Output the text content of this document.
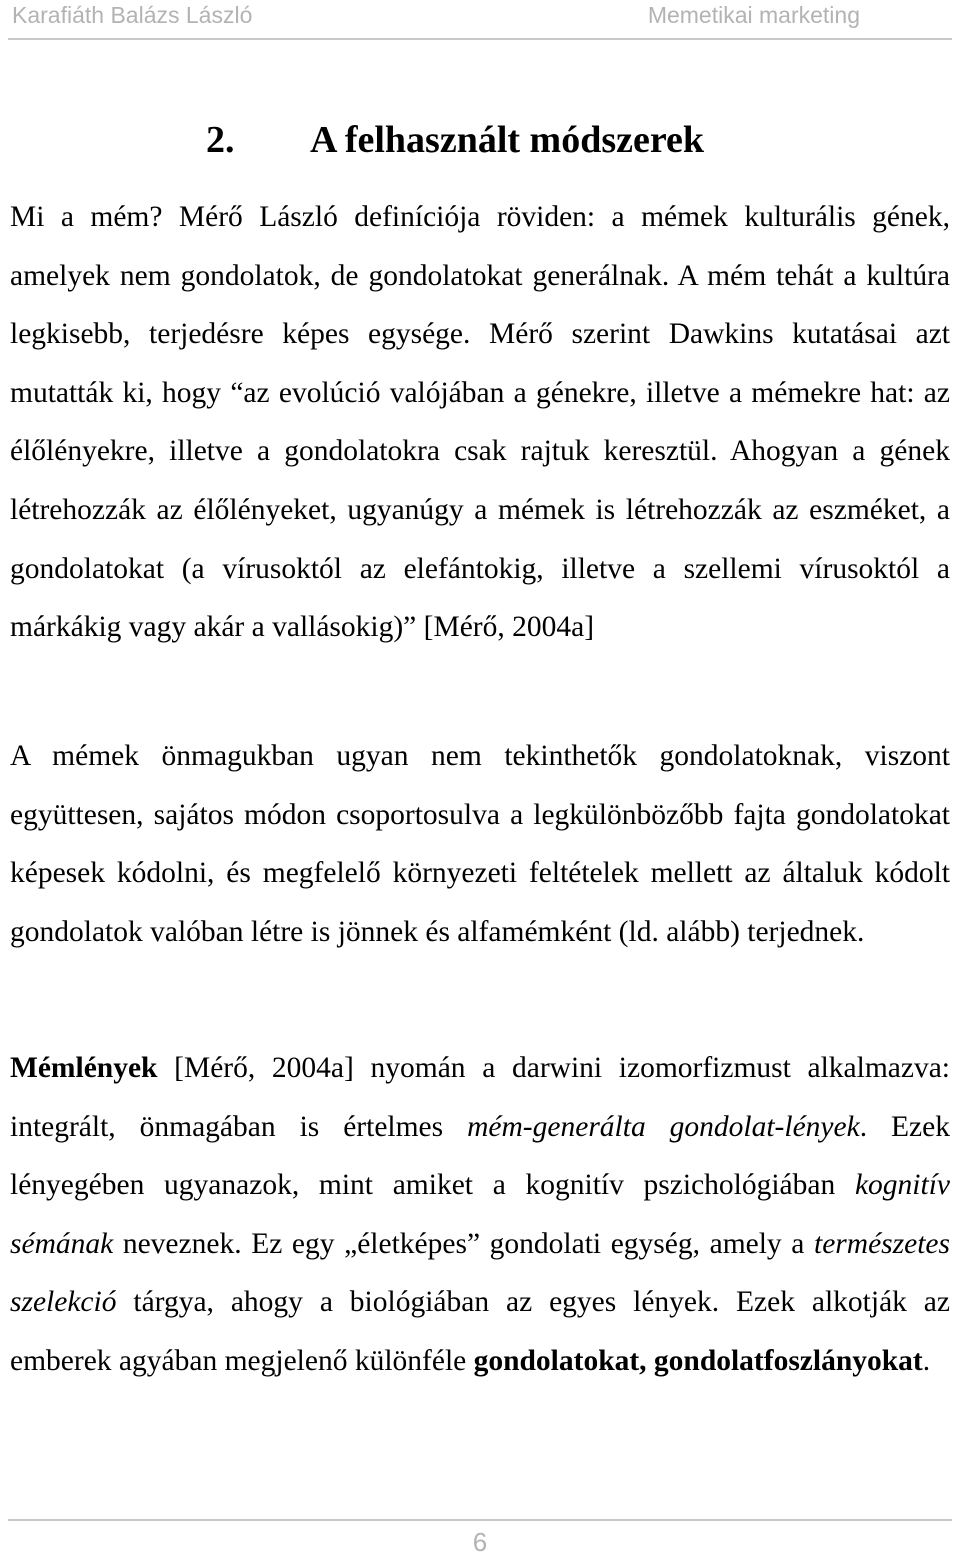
Karafiáth Balázs László	Memetikai marketing
2. A felhasznált módszerek

Mi a mém? Mérő László definíciója röviden: a mémek kulturális gének, amelyek nem gondolatok, de gondolatokat generálnak. A mém tehát a kultúra legkisebb, terjedésre képes egysége. Mérő szerint Dawkins kutatásai azt mutatták ki, hogy “az evolúció valójában a génekre, illetve a mémekre hat: az élőlényekre, illetve a gondolatokra csak rajtuk keresztül. Ahogyan a gének létrehozzák az élőlényeket, ugyanúgy a mémek is létrehozzák az eszméket, a gondolatokat (a vírusoktól az elefántokig, illetve a szellemi vírusoktól a márkákig vagy akár a vallásokig)” [Mérő, 2004a]

A mémek önmagukban ugyan nem tekinthetők gondolatoknak, viszont együttesen, sajátos módon csoportosulva a legkülönbözőbb fajta gondolatokat képesek kódolni, és megfelelő környezeti feltételek mellett az általuk kódolt gondolatok valóban létre is jönnek és alfamémként (ld. alább) terjednek.

Mémlények [Mérő, 2004a] nyomán a darwini izomorfizmust alkalmazva: integrált, önmagában is értelmes mém-generálta gondolat-lények. Ezek lényegében ugyanazok, mint amiket a kognitív pszichológiában kognitív sémának neveznek. Ez egy „életképes” gondolati egység, amely a természetes szelekció tárgya, ahogy a biológiában az egyes lények. Ezek alkotják az emberek agyában megjelenő különféle gondolatokat, gondolatfoszlányokat.

6
